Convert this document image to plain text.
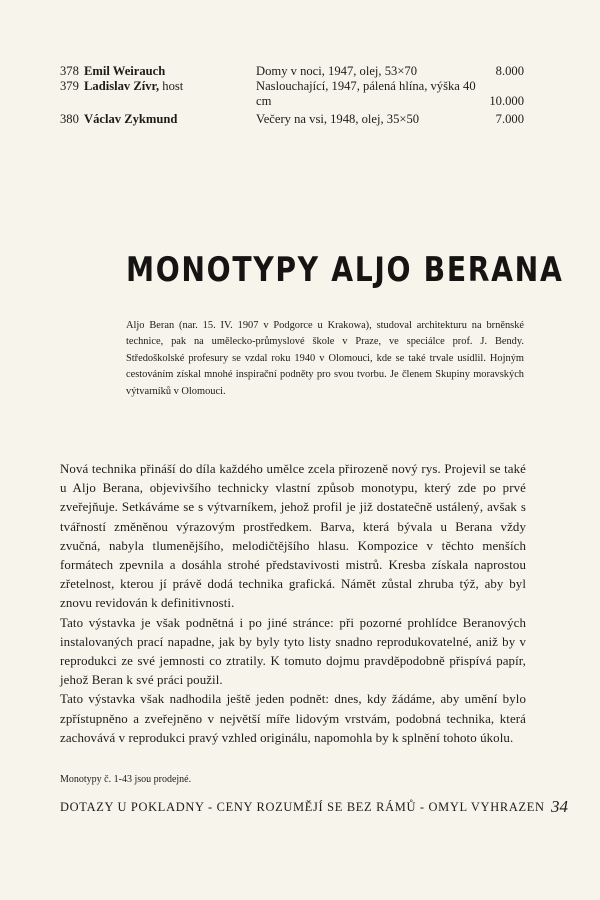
378 Emil Weirauch	Domy v noci, 1947, olej, 53×70	8.000
379 Ladislav Zívr, host	Naslouchající, 1947, pálená hlína, výška 40 cm	10.000
380 Václav Zykmund	Večery na vsi, 1948, olej, 35×50	7.000
MONOTYPY ALJO BERANA
Aljo Beran (nar. 15. IV. 1907 v Podgorce u Krakowa), studoval architekturu na brněnské technice, pak na umělecko-průmyslové škole v Praze, ve speciálce prof. J. Bendy. Středoškolské profesury se vzdal roku 1940 v Olomouci, kde se také trvale usídlil. Hojným cestováním získal mnohé inspirační podněty pro svou tvorbu. Je členem Skupiny moravských výtvarníků v Olomouci.

Nová technika přináší do díla každého umělce zcela přirozeně nový rys. Projevil se také u Aljo Berana, objevivšího technicky vlastní způsob monotypu, který zde po prvé zveřejňuje. Setkáváme se s výtvarníkem, jehož profil je již dostatečně ustálený, avšak s tvářností změněnou výrazovým prostředkem. Barva, která bývala u Berana vždy zvučná, nabyla tlumenějšího, melodičtějšího hlasu. Kompozice v těchto menších formátech zpevnila a dosáhla strohé představivosti mistrů. Kresba získala naprostou zřetelnost, kterou jí právě dodá technika grafická. Námět zůstal zhruba týž, aby byl znovu revidován k definitivnosti.

Tato výstavka je však podnětná i po jiné stránce: při pozorné prohlídce Beranových instalovaných prací napadne, jak by byly tyto listy snadno reprodukovatelné, aniž by v reprodukci ze své jemnosti co ztratily. K tomuto dojmu pravděpodobně přispívá papír, jehož Beran k své práci použil.

Tato výstavka však nadhodila ještě jeden podnět: dnes, kdy žádáme, aby umění bylo zpřístupněno a zveřejněno v největší míře lidovým vrstvám, podobná technika, která zachovává v reprodukci pravý vzhled originálu, napomohla by k splnění tohoto úkolu.

Monotypy č. 1-43 jsou prodejné.
DOTAZY U POKLADNY - CENY ROZUMĚJÍ SE BEZ RÁMŮ - OMYL VYHRAZEN 34
